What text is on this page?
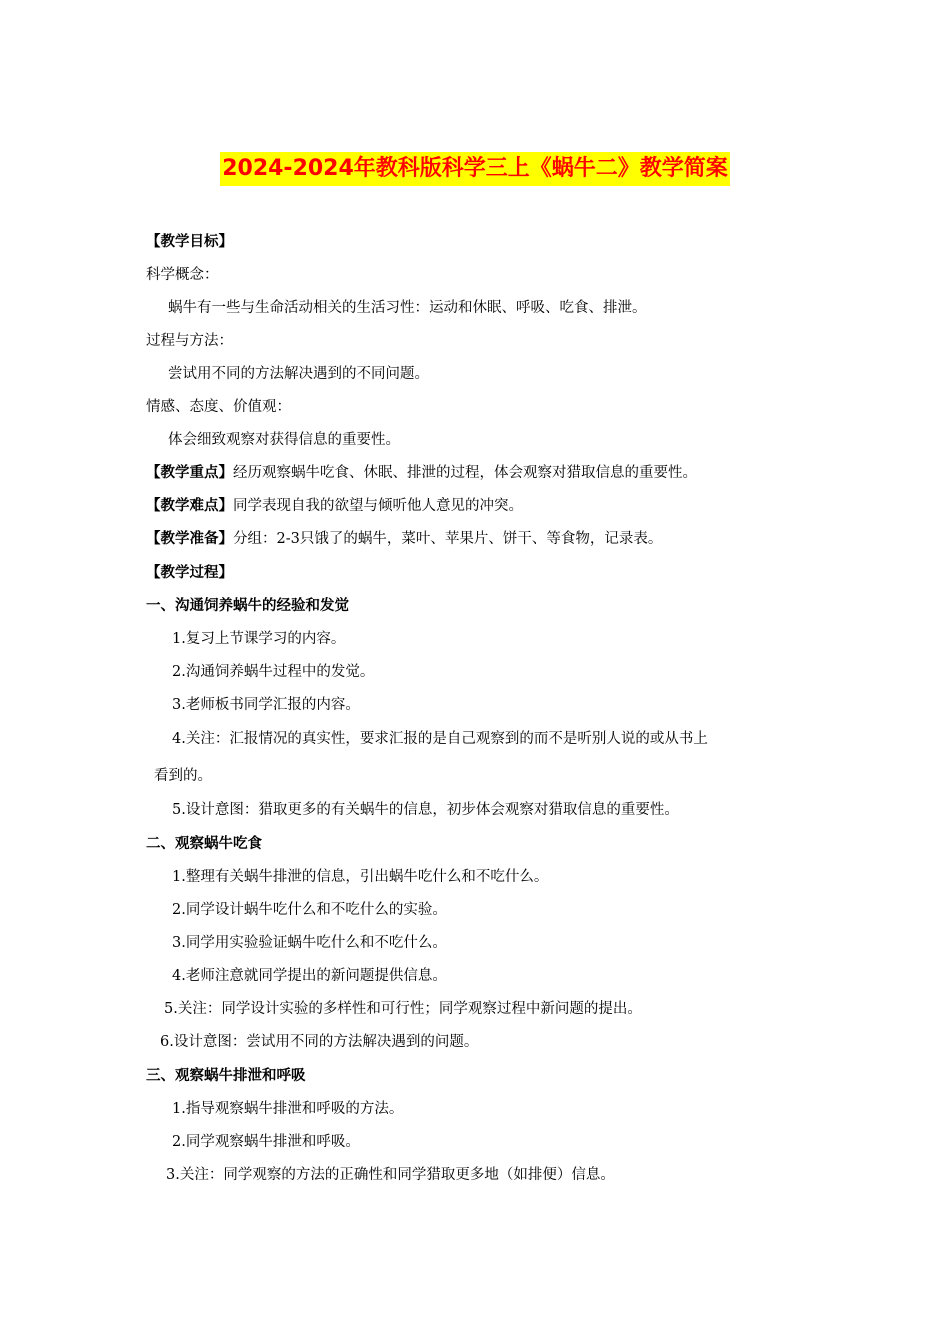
2024-2024年教科版科学三上《蜗牛二》教学简案
【教学目标】
科学概念：
蜗牛有一些与生命活动相关的生活习性：运动和休眠、呼吸、吃食、排泄。
过程与方法：
尝试用不同的方法解决遇到的不同问题。
情感、态度、价值观：
体会细致观察对获得信息的重要性。
【教学重点】经历观察蜗牛吃食、休眠、排泄的过程，体会观察对猎取信息的重要性。
【教学难点】同学表现自我的欲望与倾听他人意见的冲突。
【教学准备】分组：2-3只饿了的蜗牛，菜叶、苹果片、饼干、等食物，记录表。
【教学过程】
一、沟通饲养蜗牛的经验和发觉
1.复习上节课学习的内容。
2.沟通饲养蜗牛过程中的发觉。
3.老师板书同学汇报的内容。
4.关注：汇报情况的真实性，要求汇报的是自己观察到的而不是听别人说的或从书上
看到的。
5.设计意图：猎取更多的有关蜗牛的信息，初步体会观察对猎取信息的重要性。
二、观察蜗牛吃食
1.整理有关蜗牛排泄的信息，引出蜗牛吃什么和不吃什么。
2.同学设计蜗牛吃什么和不吃什么的实验。
3.同学用实验验证蜗牛吃什么和不吃什么。
4.老师注意就同学提出的新问题提供信息。
5.关注：同学设计实验的多样性和可行性；同学观察过程中新问题的提出。
6.设计意图：尝试用不同的方法解决遇到的问题。
三、观察蜗牛排泄和呼吸
1.指导观察蜗牛排泄和呼吸的方法。
2.同学观察蜗牛排泄和呼吸。
3.关注：同学观察的方法的正确性和同学猎取更多地（如排便）信息。
